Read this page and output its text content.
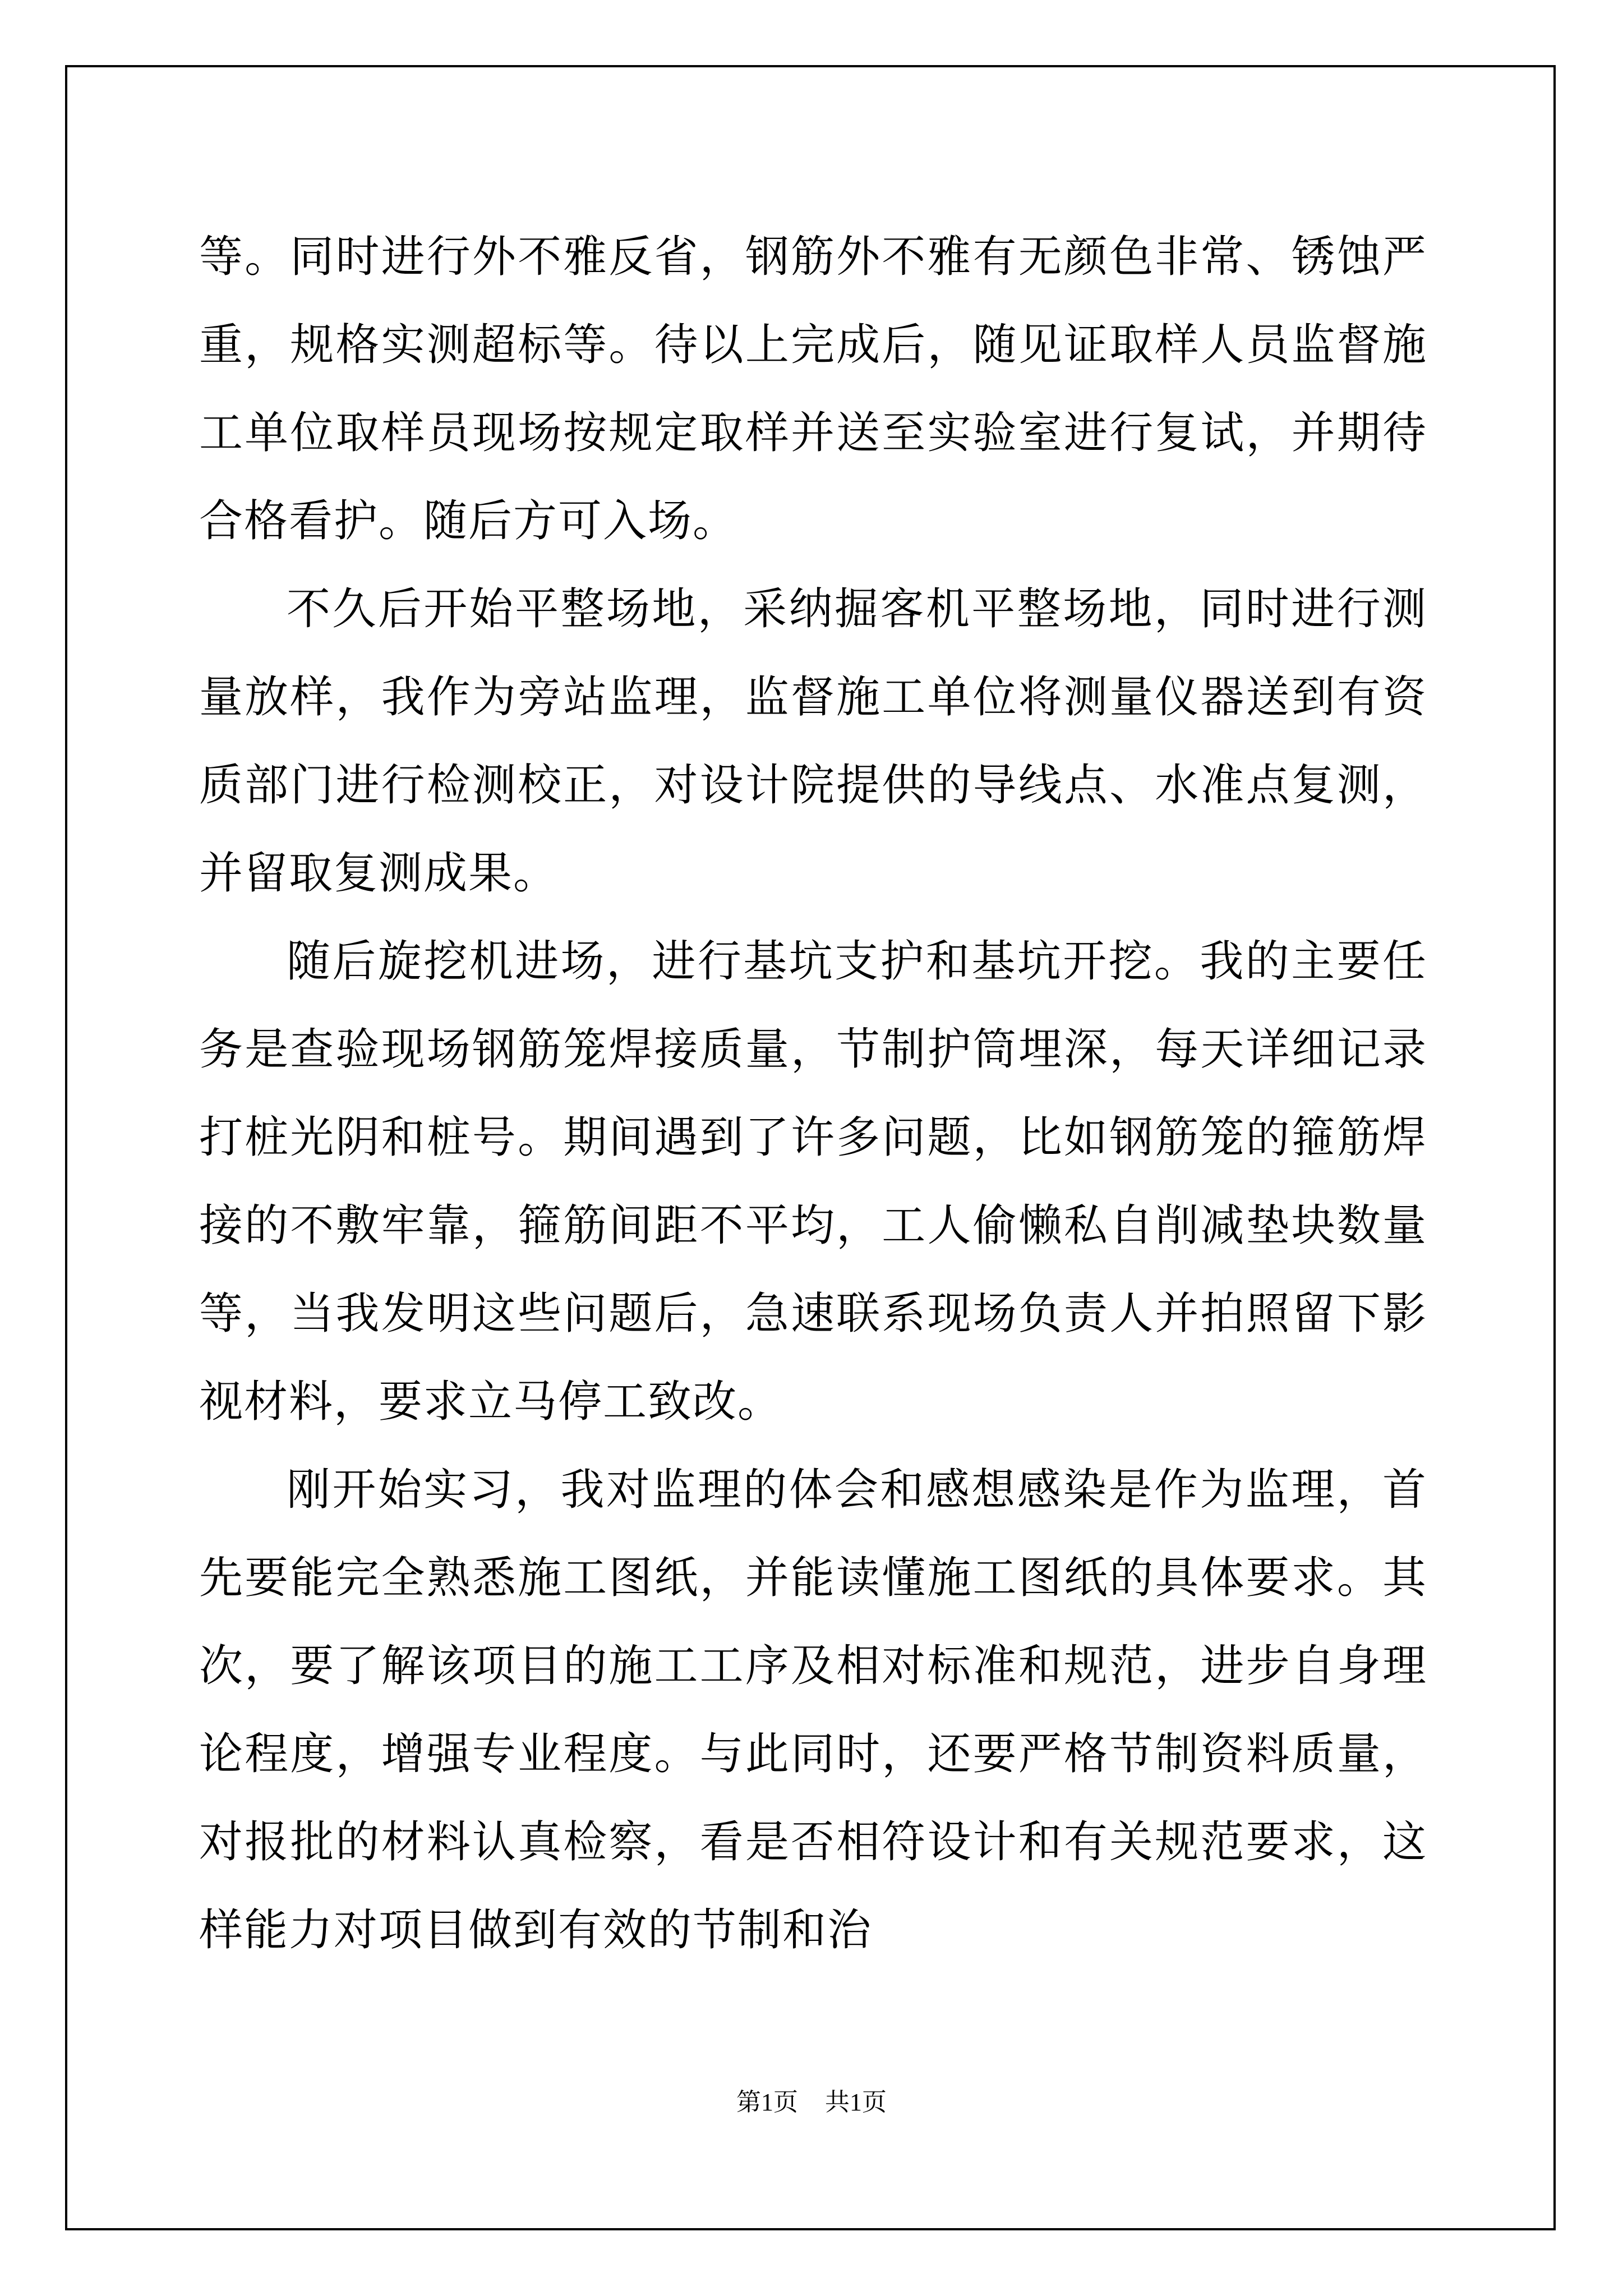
等。同时进行外不雅反省，钢筋外不雅有无颜色非常、锈蚀严重，规格实测超标等。待以上完成后，随见证取样人员监督施工单位取样员现场按规定取样并送至实验室进行复试，并期待合格看护。随后方可入场。

不久后开始平整场地，采纳掘客机平整场地，同时进行测量放样，我作为旁站监理，监督施工单位将测量仪器送到有资质部门进行检测校正，对设计院提供的导线点、水准点复测，并留取复测成果。

随后旋挖机进场，进行基坑支护和基坑开挖。我的主要任务是查验现场钢筋笼焊接质量，节制护筒埋深，每天详细记录打桩光阴和桩号。期间遇到了许多问题，比如钢筋笼的箍筋焊接的不敷牢靠，箍筋间距不平均，工人偷懒私自削减垫块数量等，当我发明这些问题后，急速联系现场负责人并拍照留下影视材料，要求立马停工致改。

刚开始实习，我对监理的体会和感想感染是作为监理，首先要能完全熟悉施工图纸，并能读懂施工图纸的具体要求。其次，要了解该项目的施工工序及相对标准和规范，进步自身理论程度，增强专业程度。与此同时，还要严格节制资料质量，对报批的材料认真检察，看是否相符设计和有关规范要求，这样能力对项目做到有效的节制和治

第1页 共1页
